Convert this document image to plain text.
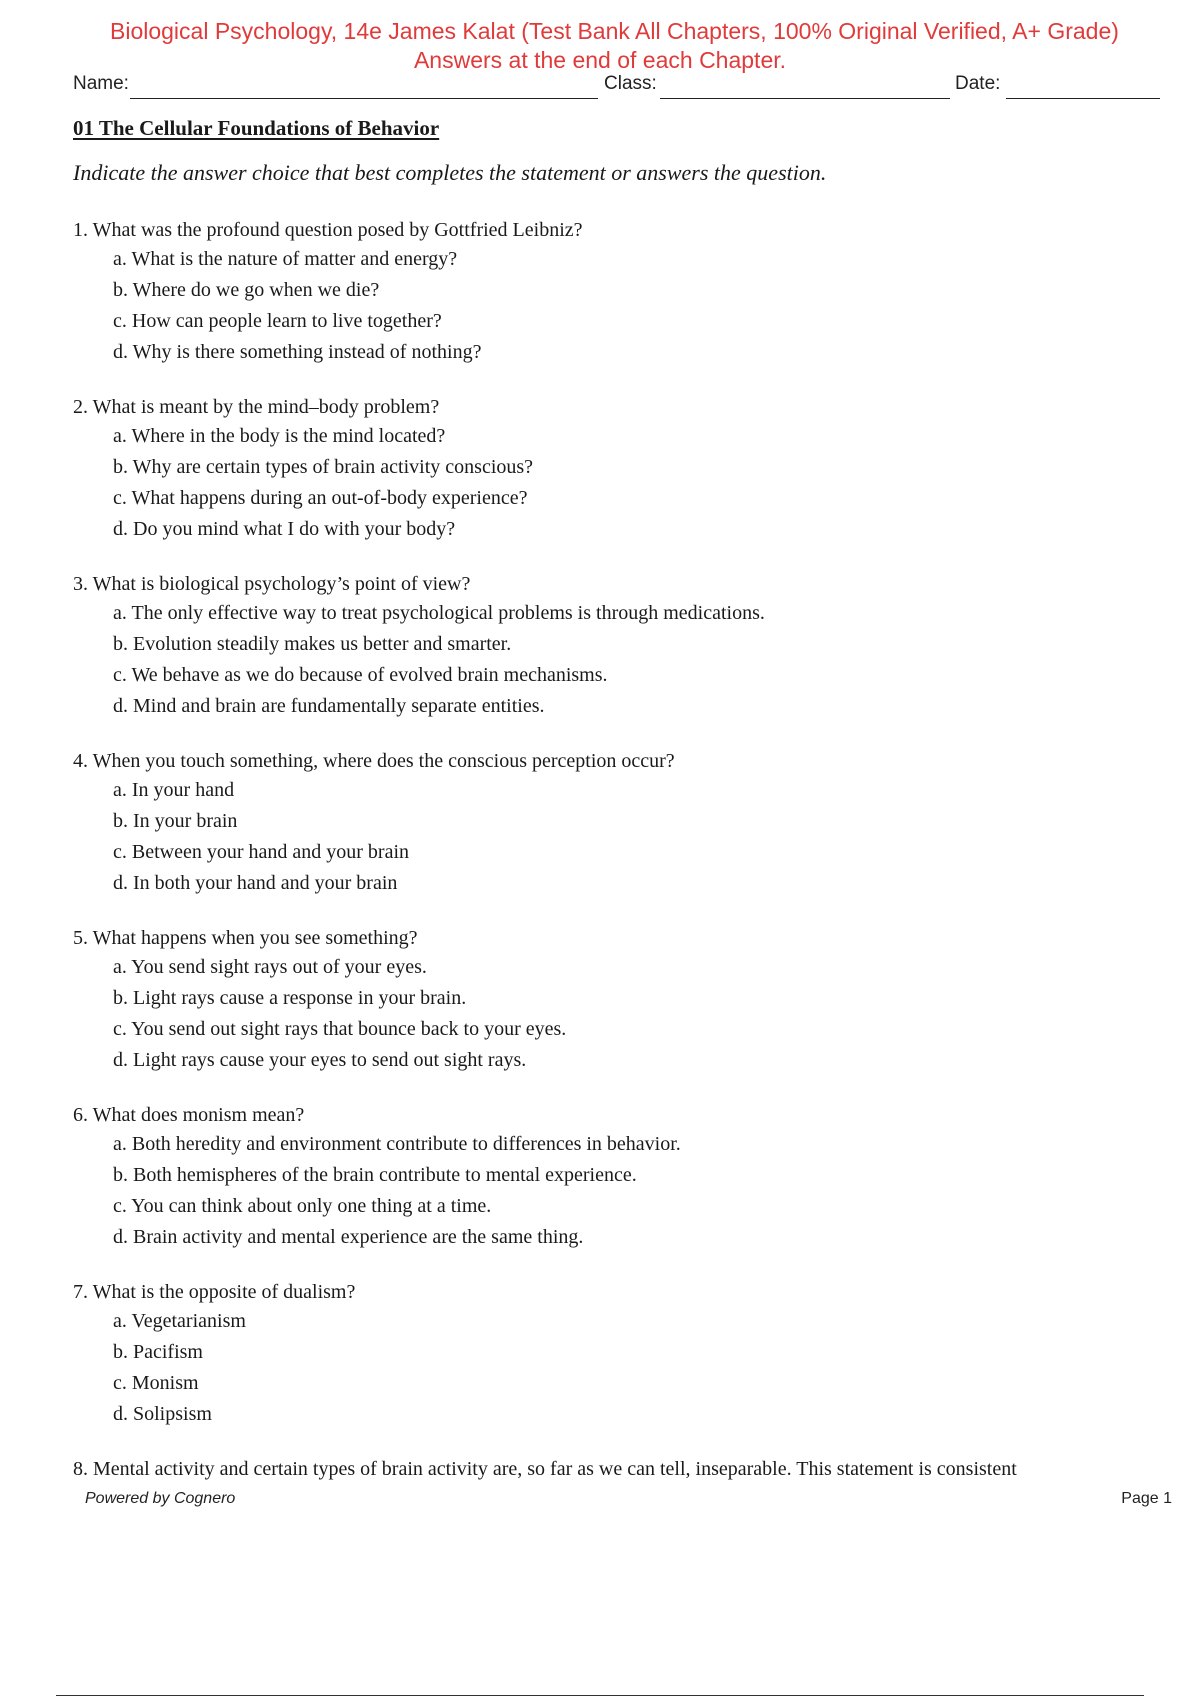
Biological Psychology, 14e James Kalat (Test Bank All Chapters, 100% Original Verified, A+ Grade)
Answers at the end of each Chapter.
Name:	Class:	Date:
01 The Cellular Foundations of Behavior
Indicate the answer choice that best completes the statement or answers the question.
1. What was the profound question posed by Gottfried Leibniz?
a. What is the nature of matter and energy?
b. Where do we go when we die?
c. How can people learn to live together?
d. Why is there something instead of nothing?
2. What is meant by the mind–body problem?
a. Where in the body is the mind located?
b. Why are certain types of brain activity conscious?
c. What happens during an out-of-body experience?
d. Do you mind what I do with your body?
3. What is biological psychology’s point of view?
a. The only effective way to treat psychological problems is through medications.
b. Evolution steadily makes us better and smarter.
c. We behave as we do because of evolved brain mechanisms.
d. Mind and brain are fundamentally separate entities.
4. When you touch something, where does the conscious perception occur?
a. In your hand
b. In your brain
c. Between your hand and your brain
d. In both your hand and your brain
5. What happens when you see something?
a. You send sight rays out of your eyes.
b. Light rays cause a response in your brain.
c. You send out sight rays that bounce back to your eyes.
d. Light rays cause your eyes to send out sight rays.
6. What does monism mean?
a. Both heredity and environment contribute to differences in behavior.
b. Both hemispheres of the brain contribute to mental experience.
c. You can think about only one thing at a time.
d. Brain activity and mental experience are the same thing.
7. What is the opposite of dualism?
a. Vegetarianism
b. Pacifism
c. Monism
d. Solipsism
8. Mental activity and certain types of brain activity are, so far as we can tell, inseparable. This statement is consistent
Powered by Cognero	Page 1
